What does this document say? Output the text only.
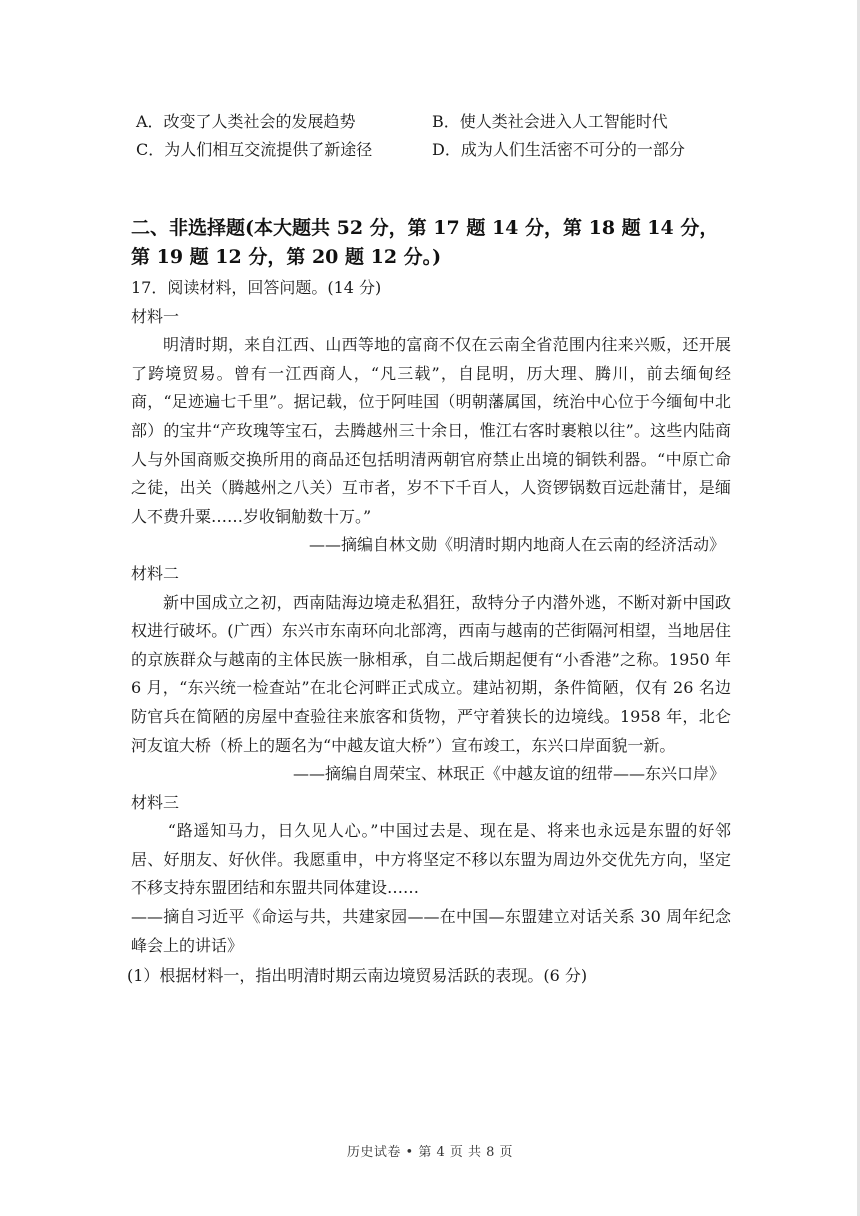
A．改变了人类社会的发展趋势	B．使人类社会进入人工智能时代
C．为人们相互交流提供了新途径	D．成为人们生活密不可分的一部分
二、非选择题(本大题共 52 分，第 17 题 14 分，第 18 题 14 分，第 19 题 12 分，第 20 题 12 分。)
17．阅读材料，回答问题。(14 分)
材料一
明清时期，来自江西、山西等地的富商不仅在云南全省范围内往来兴贩，还开展了跨境贸易。曾有一江西商人，“凡三载”，自昆明，历大理、腾川，前去缅甸经商，“足迹遍七千里”。据记载，位于阿哇国（明朝藩属国，统治中心位于今缅甸中北部）的宝井“产玫瑰等宝石，去腾越州三十余日，惟江右客时裹粮以往”。这些内陆商人与外国商贩交换所用的商品还包括明清两朝官府禁止出境的铜铁利器。“中原亡命之徒，出关（腾越州之八关）互市者，岁不下千百人，人资锣锅数百远赴蒲甘，是缅人不费升粟……岁收铜觔数十万。”
——摘编自林文勋《明清时期内地商人在云南的经济活动》
材料二
新中国成立之初，西南陆海边境走私猖狂，敌特分子内潜外逃，不断对新中国政权进行破坏。(广西）东兴市东南环向北部湾，西南与越南的芒街隔河相望，当地居住的京族群众与越南的主体民族一脉相承，自二战后期起便有“小香港”之称。1950 年 6 月，“东兴统一检查站”在北仑河畔正式成立。建站初期，条件简陋，仅有 26 名边防官兵在简陋的房屋中查验往来旅客和货物，严守着狭长的边境线。1958 年，北仑河友谊大桥（桥上的题名为“中越友谊大桥”）宣布竣工，东兴口岸面貌一新。
——摘编自周荣宝、林珉正《中越友谊的纽带——东兴口岸》
材料三
“路遥知马力，日久见人心。”中国过去是、现在是、将来也永远是东盟的好邻居、好朋友、好伙伴。我愿重申，中方将坚定不移以东盟为周边外交优先方向，坚定不移支持东盟团结和东盟共同体建设……
——摘自习近平《命运与共，共建家园——在中国—东盟建立对话关系 30 周年纪念峰会上的讲话》
(1）根据材料一，指出明清时期云南边境贸易活跃的表现。(6 分)
历史试卷 • 第 4 页 共 8 页
